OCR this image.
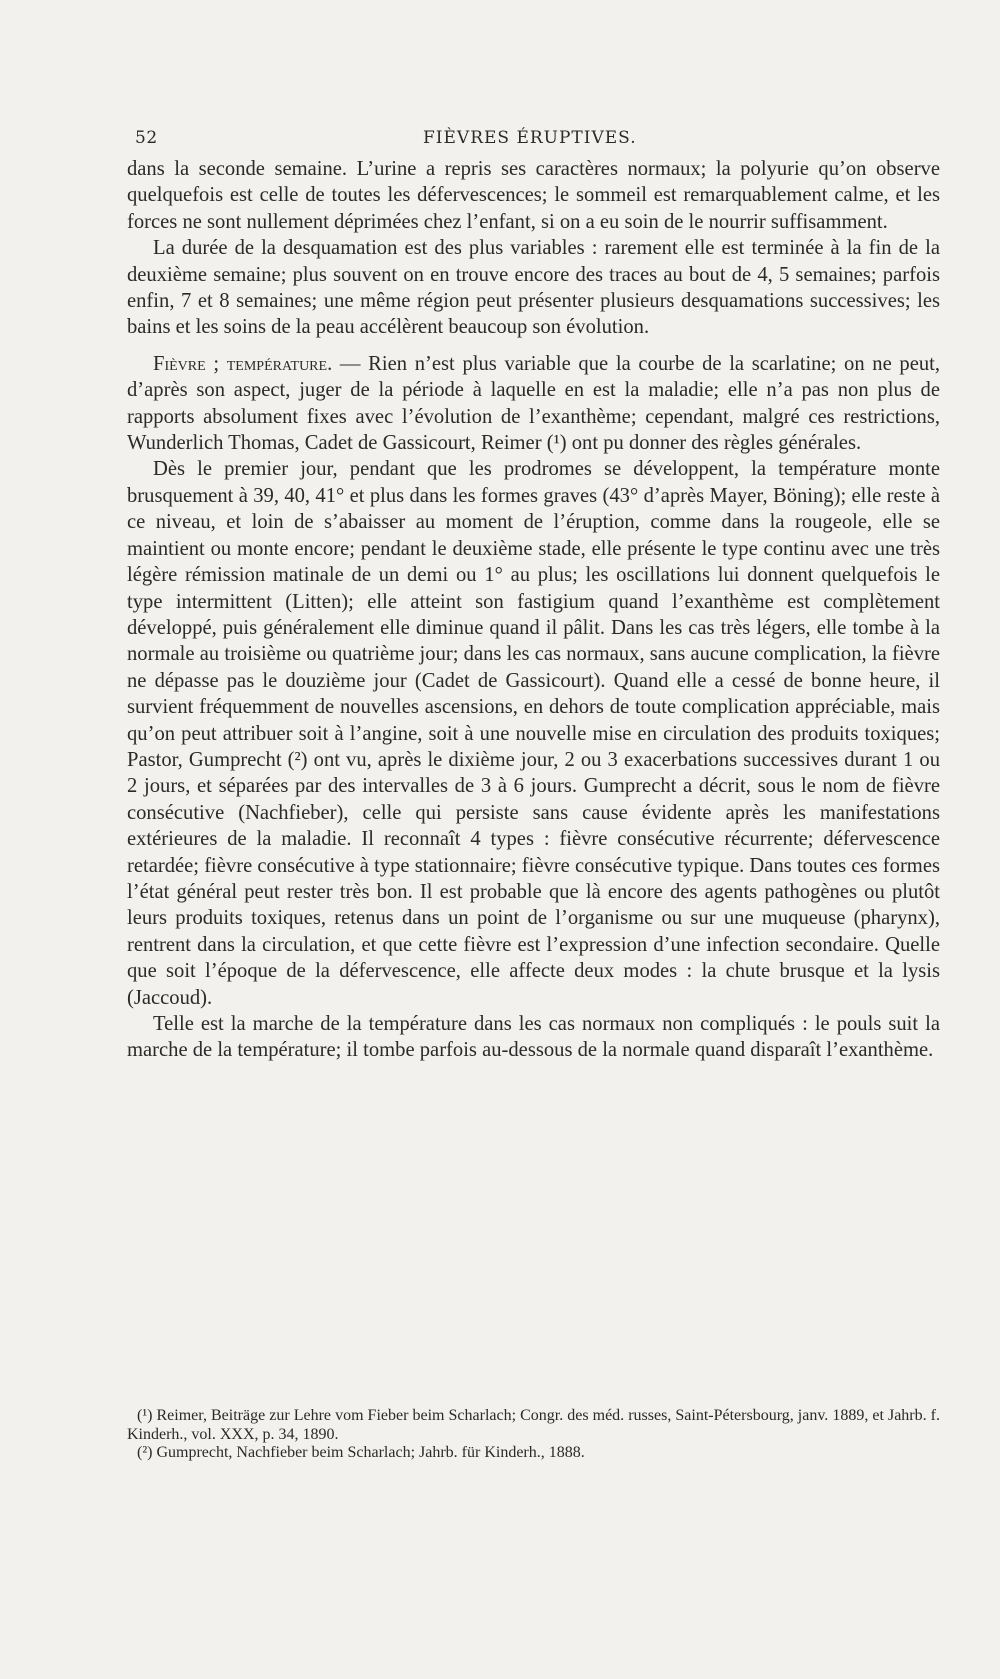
52	FIÈVRES ÉRUPTIVES.

dans la seconde semaine. L’urine a repris ses caractères normaux; la polyurie qu’on observe quelquefois est celle de toutes les défervescences; le sommeil est remarquablement calme, et les forces ne sont nullement déprimées chez l’enfant, si on a eu soin de le nourrir suffisamment.

La durée de la desquamation est des plus variables : rarement elle est terminée à la fin de la deuxième semaine; plus souvent on en trouve encore des traces au bout de 4, 5 semaines; parfois enfin, 7 et 8 semaines; une même région peut présenter plusieurs desquamations successives; les bains et les soins de la peau accélèrent beaucoup son évolution.

Fièvre ; température. — Rien n’est plus variable que la courbe de la scarlatine; on ne peut, d’après son aspect, juger de la période à laquelle en est la maladie; elle n’a pas non plus de rapports absolument fixes avec l’évolution de l’exanthème; cependant, malgré ces restrictions, Wunderlich Thomas, Cadet de Gassicourt, Reimer (¹) ont pu donner des règles générales.

Dès le premier jour, pendant que les prodromes se développent, la température monte brusquement à 39, 40, 41° et plus dans les formes graves (43° d’après Mayer, Böning); elle reste à ce niveau, et loin de s’abaisser au moment de l’éruption, comme dans la rougeole, elle se maintient ou monte encore; pendant le deuxième stade, elle présente le type continu avec une très légère rémission matinale de un demi ou 1° au plus; les oscillations lui donnent quelquefois le type intermittent (Litten); elle atteint son fastigium quand l’exanthème est complètement développé, puis généralement elle diminue quand il pâlit. Dans les cas très légers, elle tombe à la normale au troisième ou quatrième jour; dans les cas normaux, sans aucune complication, la fièvre ne dépasse pas le douzième jour (Cadet de Gassicourt). Quand elle a cessé de bonne heure, il survient fréquemment de nouvelles ascensions, en dehors de toute complication appréciable, mais qu’on peut attribuer soit à l’angine, soit à une nouvelle mise en circulation des produits toxiques; Pastor, Gumprecht (²) ont vu, après le dixième jour, 2 ou 3 exacerbations successives durant 1 ou 2 jours, et séparées par des intervalles de 3 à 6 jours. Gumprecht a décrit, sous le nom de fièvre consécutive (Nachfieber), celle qui persiste sans cause évidente après les manifestations extérieures de la maladie. Il reconnaît 4 types : fièvre consécutive récurrente; défervescence retardée; fièvre consécutive à type stationnaire; fièvre consécutive typique. Dans toutes ces formes l’état général peut rester très bon. Il est probable que là encore des agents pathogènes ou plutôt leurs produits toxiques, retenus dans un point de l’organisme ou sur une muqueuse (pharynx), rentrent dans la circulation, et que cette fièvre est l’expression d’une infection secondaire. Quelle que soit l’époque de la défervescence, elle affecte deux modes : la chute brusque et la lysis (Jaccoud).

Telle est la marche de la température dans les cas normaux non compliqués : le pouls suit la marche de la température; il tombe parfois au-dessous de la normale quand disparaît l’exanthème.

(¹) Reimer, Beiträge zur Lehre vom Fieber beim Scharlach; Congr. des méd. russes, Saint-Pétersbourg, janv. 1889, et Jahrb. f. Kinderh., vol. XXX, p. 34, 1890.

(²) Gumprecht, Nachfieber beim Scharlach; Jahrb. für Kinderh., 1888.
